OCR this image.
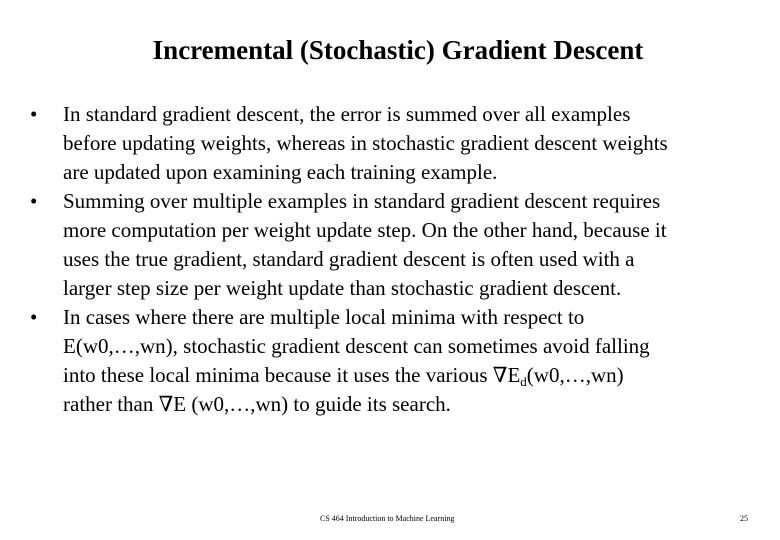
Incremental (Stochastic) Gradient Descent
•	In standard gradient descent, the error is summed over all examples
before updating weights, whereas in stochastic gradient descent weights
are updated upon examining each training example.
•	Summing over multiple examples in standard gradient descent requires
more computation per weight update step. On the other hand, because it
uses the true gradient, standard gradient descent is often used with a
larger step size per weight update than stochastic gradient descent.
•	In cases where there are multiple local minima with respect to
E(w0,…,wn), stochastic gradient descent can sometimes avoid falling
into these local minima because it uses the various $\nabla E_d(w0,\dots,wn)$
rather than ∇E (w0,…,wn) to guide its search.
CS 464 Introduction to Machine Learning	25
